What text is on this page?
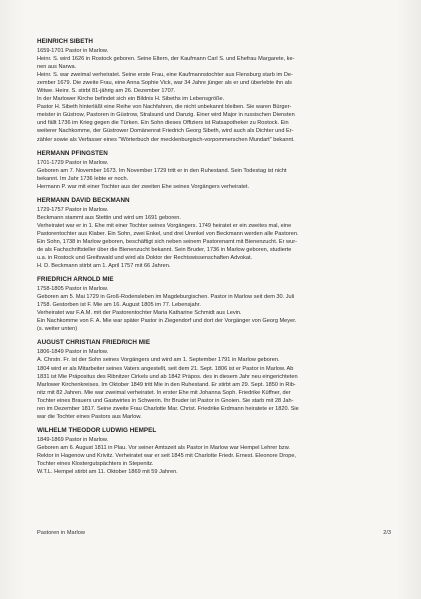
HEINRICH SIBETH

1659-1701 Pastor in Marlow.

Heinr. S. wird 1626 in Rostock geboren. Seine Eltern, der Kaufmann Carl S. und Ehefrau Margarete, ke-

nen aus Narwa.

Heinr. S. war zweimal verheiratet. Seine erste Frau, eine Kaufmannstochter aus Flensburg starb im De-

zember 1679. Die zweite Frau, eine Anna Sophie Vick, war 34 Jahre jünger als er und überlebte ihn als

Witwe. Heinr. S. stirbt 81-jährig am 26. Dezember 1707.

In der Marlower Kirche befindet sich ein Bildnis H. Sibeths im Lebensgröße.

Pastor H. Sibeth hinterläßt eine Reihe von Nachfahren, die nicht unbekannt bleiben. Sie waren Bürger-

meister in Güstrow, Pastoren in Güstrow, Stralsund und Danzig. Einer wird Major in russischen Diensten

und fällt 1736 im Krieg gegen die Türken. Ein Sohn dieses Offiziers ist Ratsapotheker zu Rostock. Ein

weiterer Nachkomme, der Güstrower Domänenrat Friedrich Georg Sibeth, wird auch als Dichter und Er-

zähler sowie als Verfasser eines "Wörterbuch der mecklenburgisch-vorpommerschen Mundart" bekannt.

HERMANN PFINGSTEN

1701-1729 Pastor in Marlow.

Geboren am 7. November 1673. Im November 1729 tritt er in den Ruhestand. Sein Todestag ist nicht

bekannt. Im Jahr 1736 lebte er noch.

Hermann P. war mit einer Tochter aus der zweiten Ehe seines Vorgängers verheiratet.

HERMANN DAVID BECKMANN

1729-1757 Pastor in Marlow.

Beckmann stammt aus Stettin und wird um 1691 geboren.

Verheiratet war er in 1. Ehe mit einer Tochter seines Vorgängers. 1749 heiratet er ein zweites mal, eine

Pastorentochter aus Klaber. Ein Sohn, zwei Enkel, und drei Urenkel von Beckmann werden alle Pastoren.

Ein Sohn, 1738 in Marlow geboren, beschäftigt sich neben seinem Pastorenamt mit Bienenzucht. Er wur-

de als Fachschriftsteller über die Bienenzucht bekannt. Sein Bruder, 1736 in Marlow geboren, studierte

u.a. in Rostock und Greifswald und wird als Doktor der Rechtswissenschaften Advokat.

H. D. Beckmann stirbt am 1. April 1757 mit 66 Jahren.

FRIEDRICH ARNOLD MIE

1758-1805 Pastor in Marlow.

Geboren am 5. Mai 1729 in Groß-Rodensleben im Magdeburgischen. Pastor in Marlow seit dem 30. Juli

1758. Gestorben ist F. Mie am 16. August 1805 im 77. Lebensjahr.

Verheiratet war F.A.M. mit der Pastorentochter Maria Katharine Schmidt aus Levin.

Ein Nachkomme von F. A. Mie war später Pastor in Ziegendorf und dort der Vorgänger von Georg Meyer.

(s. weiter unten)

AUGUST CHRISTIAN FRIEDRICH MIE

1806-1849 Pastor in Marlow.

A. Chrstn. Fr. ist der Sohn seines Vorgängers und wird am 1. September 1791 in Marlow geboren.

1804 wird er als Mitarbeiter seines Vaters angestellt, seit dem 21. Sept. 1806 ist er Pastor in Marlow. Ab

1831 ist Mie Präpositus des Ribnitzer Cirkels und ab 1842 Präpos. des in diesem Jahr neu eingerichteten

Marlower Kirchenkreises. Im Oktober 1849 tritt Mie in den Ruhestand. Er stirbt am 29. Sept. 1850 in Rib-

nitz mit 82 Jahren. Mie war zweimal verheiratet. In erster Ehe mit Johanna Soph. Friedrike Küffner, der

Tochter eines Brauers und Gastwirtes in Schwerin. Ihr Bruder ist Pastor in Gnoien. Sie starb mit 28 Jah-

ren im Dezember 1817. Seine zweite Frau Charlotte Mar. Christ. Friedrike Erdmann heiratete er 1820. Sie

war die Tochter eines Pastors aus Marlow.

WILHELM THEODOR LUDWIG HEMPEL

1849-1869 Pastor in Marlow.

Geboren am 6. August 1811 in Plau. Vor seiner Amtszeit als Pastor in Marlow war Hempel Lehrer bzw.

Rektor in Hagenow und Krivitz. Verheiratet war er seit 1845 mit Charlotte Friedr. Ernest. Eleonore Drope,

Tochter eines Klostergutspächters in Stepenitz.

W.T.L. Hempel stirbt am 11. Oktober 1869 mit 59 Jahren.

Pastoren in Marlow	2/3
